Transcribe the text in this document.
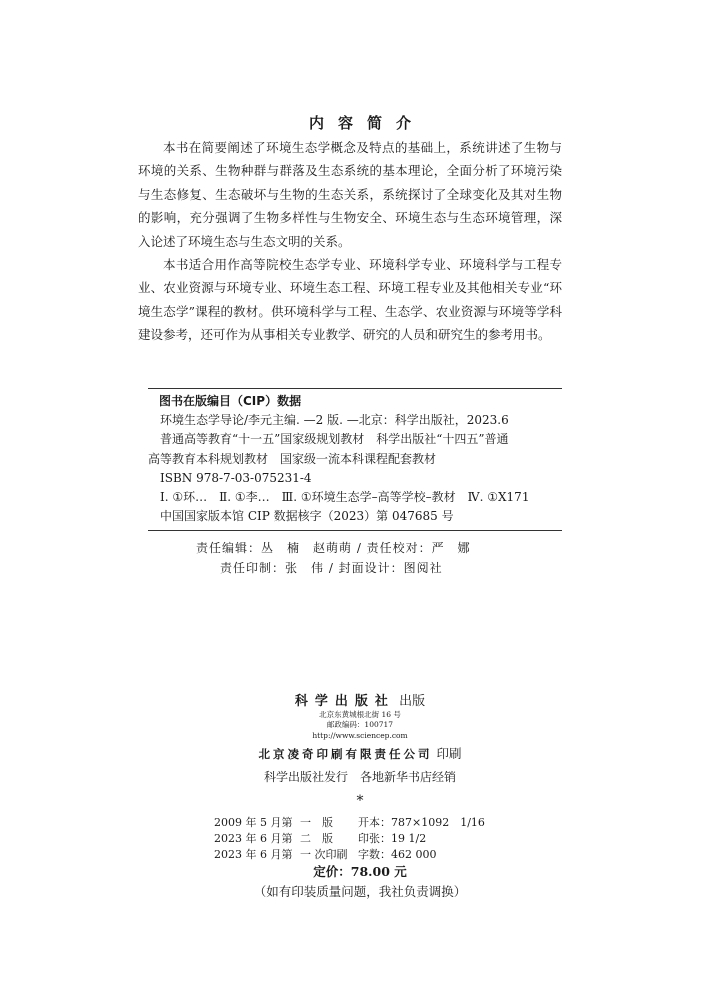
内容简介

本书在简要阐述了环境生态学概念及特点的基础上，系统讲述了生物与环境的关系、生物种群与群落及生态系统的基本理论，全面分析了环境污染与生态修复、生态破坏与生物的生态关系，系统探讨了全球变化及其对生物的影响，充分强调了生物多样性与生物安全、环境生态与生态环境管理，深入论述了环境生态与生态文明的关系。

本书适合用作高等院校生态学专业、环境科学专业、环境科学与工程专业、农业资源与环境专业、环境生态工程、环境工程专业及其他相关专业“环境生态学”课程的教材。供环境科学与工程、生态学、农业资源与环境等学科建设参考，还可作为从事相关专业教学、研究的人员和研究生的参考用书。

图书在版编目（CIP）数据
环境生态学导论/李元主编. —2 版. —北京：科学出版社，2023.6
普通高等教育“十一五”国家级规划教材　科学出版社“十四五”普通
高等教育本科规划教材　国家级一流本科课程配套教材
ISBN 978-7-03-075231-4
Ⅰ. ①环…　Ⅱ. ①李…　Ⅲ. ①环境生态学–高等学校–教材　Ⅳ. ①X171
中国国家版本馆 CIP 数据核字（2023）第 047685 号
责任编辑：丛　楠　赵萌萌 / 责任校对：严　娜
责任印制：张　伟 / 封面设计：图阅社
科学出版社 出版
北京东黄城根北街 16 号
邮政编码：100717
http://www.sciencep.com
北京凌奇印刷有限责任公司 印刷
科学出版社发行　各地新华书店经销
*
2009 年 5 月第 一　版	开本：787×1092　1/16
2023 年 6 月第 二　版	印张：19 1/2
2023 年 6 月第 一 次印刷 字数：462 000
定价：78.00 元
（如有印装质量问题，我社负责调换）
